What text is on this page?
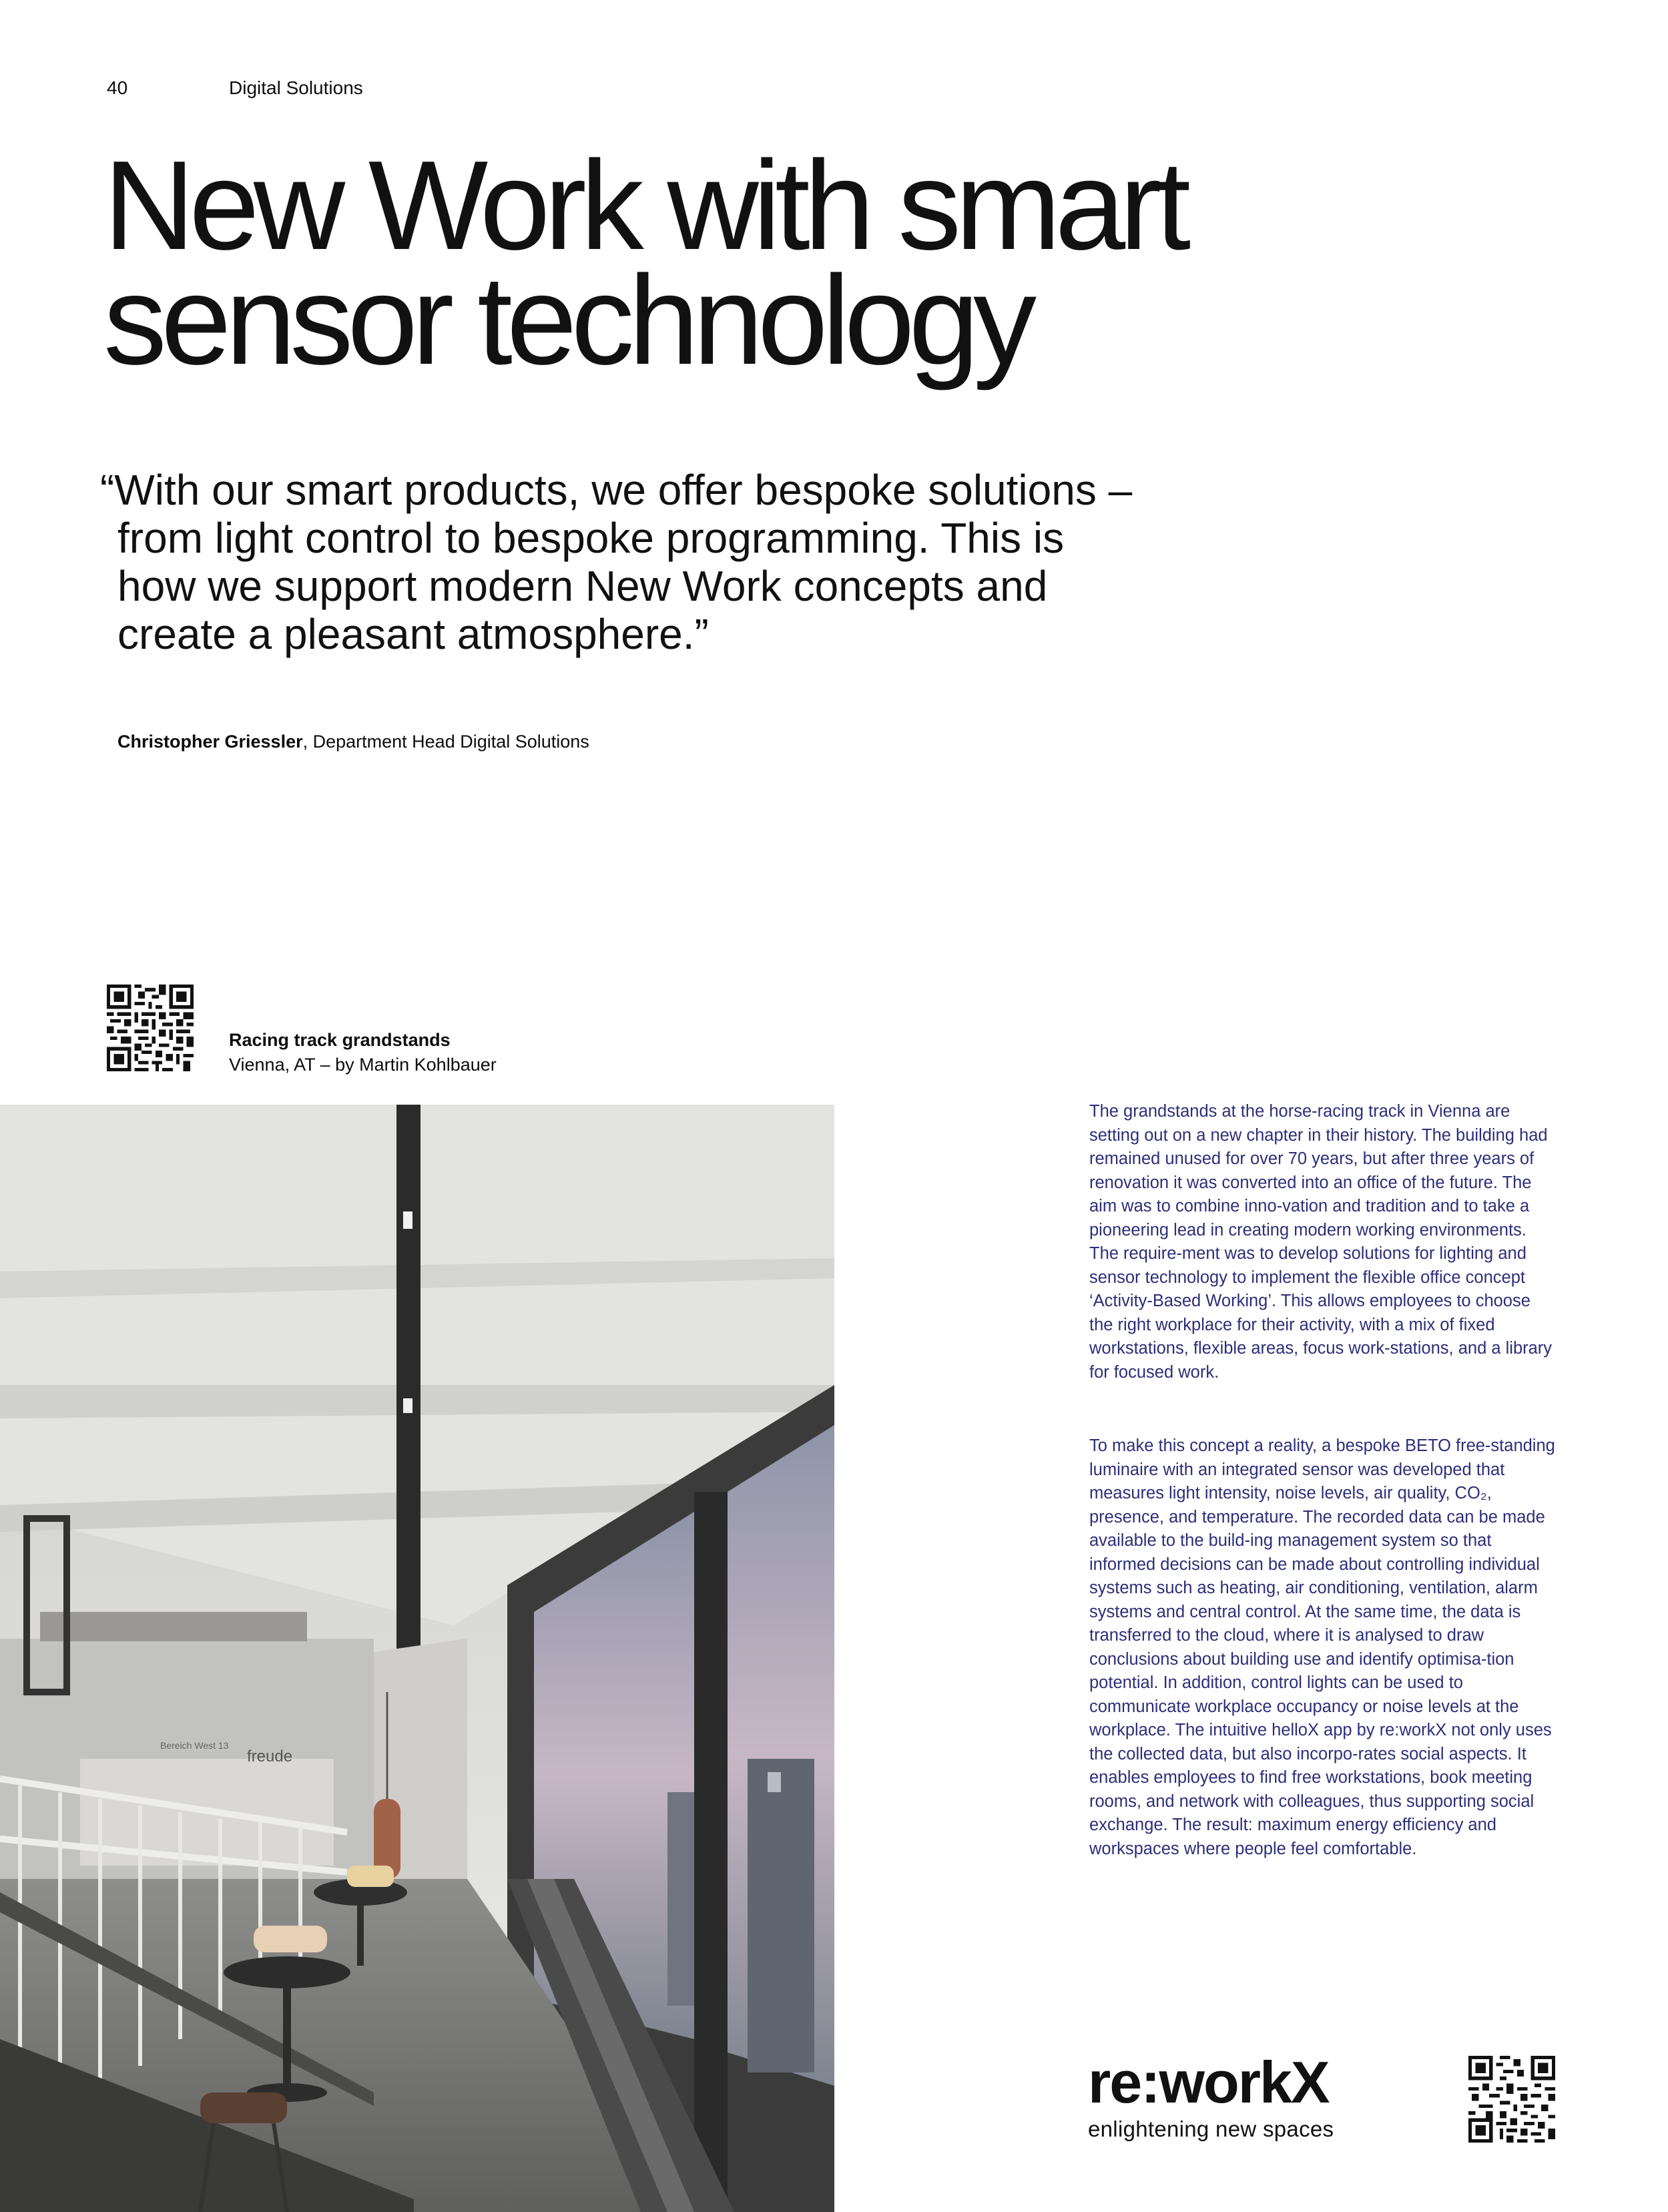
40	Digital Solutions
New Work with smart sensor technology

“With our smart products, we offer bespoke solutions – from light control to bespoke programming. This is how we support modern New Work concepts and create a pleasant atmosphere.”

Christopher Griessler, Department Head Digital Solutions
Racing track grandstands
Vienna, AT – by Martin Kohlbauer
freude
Bereich West 13

The grandstands at the horse-racing track in Vienna are setting out on a new chapter in their history. The building had remained unused for over 70 years, but after three years of renovation it was converted into an office of the future. The aim was to combine inno-vation and tradition and to take a pioneering lead in creating modern working environments. The require-ment was to develop solutions for lighting and sensor technology to implement the flexible office concept ‘Activity-Based Working’. This allows employees to choose the right workplace for their activity, with a mix of fixed workstations, flexible areas, focus work-stations, and a library for focused work.

To make this concept a reality, a bespoke BETO free-standing luminaire with an integrated sensor was developed that measures light intensity, noise levels, air quality, CO₂, presence, and temperature. The recorded data can be made available to the build-ing management system so that informed decisions can be made about controlling individual systems such as heating, air conditioning, ventilation, alarm systems and central control. At the same time, the data is transferred to the cloud, where it is analysed to draw conclusions about building use and identify optimisa-tion potential. In addition, control lights can be used to communicate workplace occupancy or noise levels at the workplace. The intuitive helloX app by re:workX not only uses the collected data, but also incorpo-rates social aspects. It enables employees to find free workstations, book meeting rooms, and network with colleagues, thus supporting social exchange. The result: maximum energy efficiency and workspaces where people feel comfortable.

re:workX
enlightening new spaces
